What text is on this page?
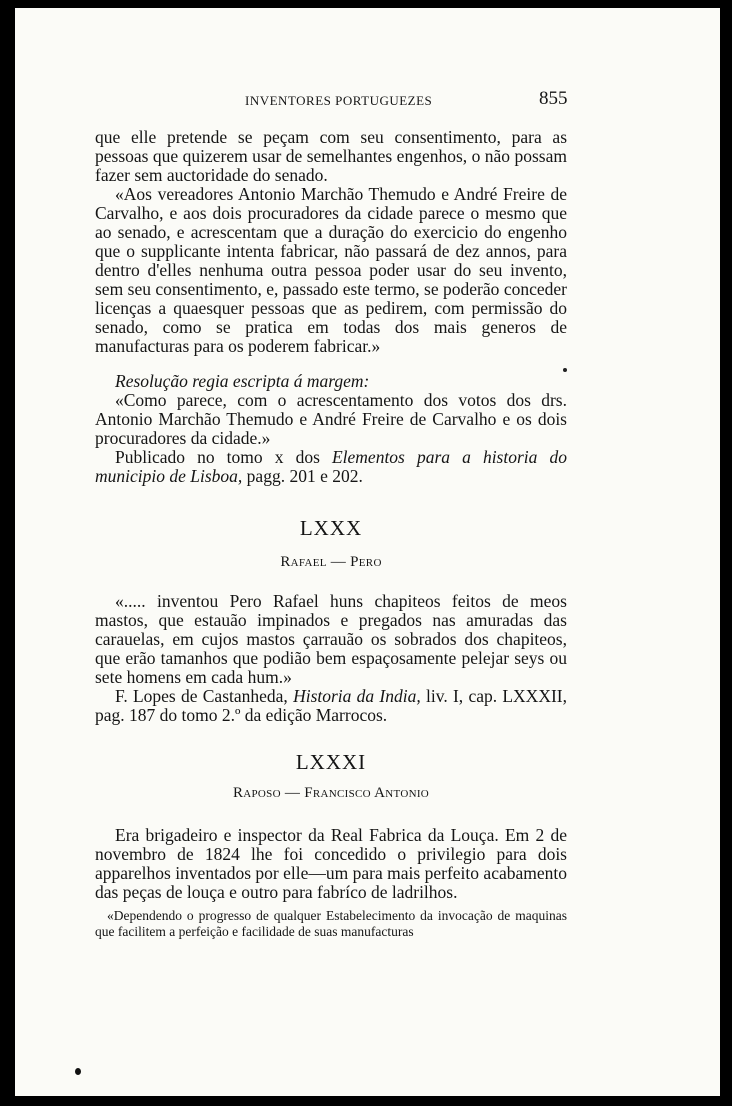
INVENTORES PORTUGUEZES	855

que elle pretende se peçam com seu consentimento, para as pessoas que quizerem usar de semelhantes engenhos, o não possam fazer sem auctoridade do senado.

«Aos vereadores Antonio Marchão Themudo e André Freire de Carvalho, e aos dois procuradores da cidade parece o mesmo que ao senado, e acrescentam que a duração do exercicio do engenho que o supplicante intenta fabricar, não passará de dez annos, para dentro d'elles nenhuma outra pessoa poder usar do seu invento, sem seu consentimento, e, passado este termo, se poderão conceder licenças a quaesquer pessoas que as pedirem, com permissão do senado, como se pratica em todas dos mais generos de manufacturas para os poderem fabricar.»

Resolução regia escripta á margem:

«Como parece, com o acrescentamento dos votos dos drs. Antonio Marchão Themudo e André Freire de Carvalho e os dois procuradores da cidade.»

Publicado no tomo x dos Elementos para a historia do municipio de Lisboa, pagg. 201 e 202.

LXXX
Rafael — Pero

«..... inventou Pero Rafael huns chapiteos feitos de meos mastos, que estauão impinados e pregados nas amuradas das carauelas, em cujos mastos çarrauão os sobrados dos chapiteos, que erão tamanhos que podião bem espaçosamente pelejar seys ou sete homens em cada hum.»

F. Lopes de Castanheda, Historia da India, liv. I, cap. LXXXII, pag. 187 do tomo 2.º da edição Marrocos.

LXXXI
Raposo — Francisco Antonio

Era brigadeiro e inspector da Real Fabrica da Louça. Em 2 de novembro de 1824 lhe foi concedido o privilegio para dois apparelhos inventados por elle—um para mais perfeito acabamento das peças de louça e outro para fabríco de ladrilhos.

«Dependendo o progresso de qualquer Estabelecimento da invocação de maquinas que facilitem a perfeição e facilidade de suas manufacturas
